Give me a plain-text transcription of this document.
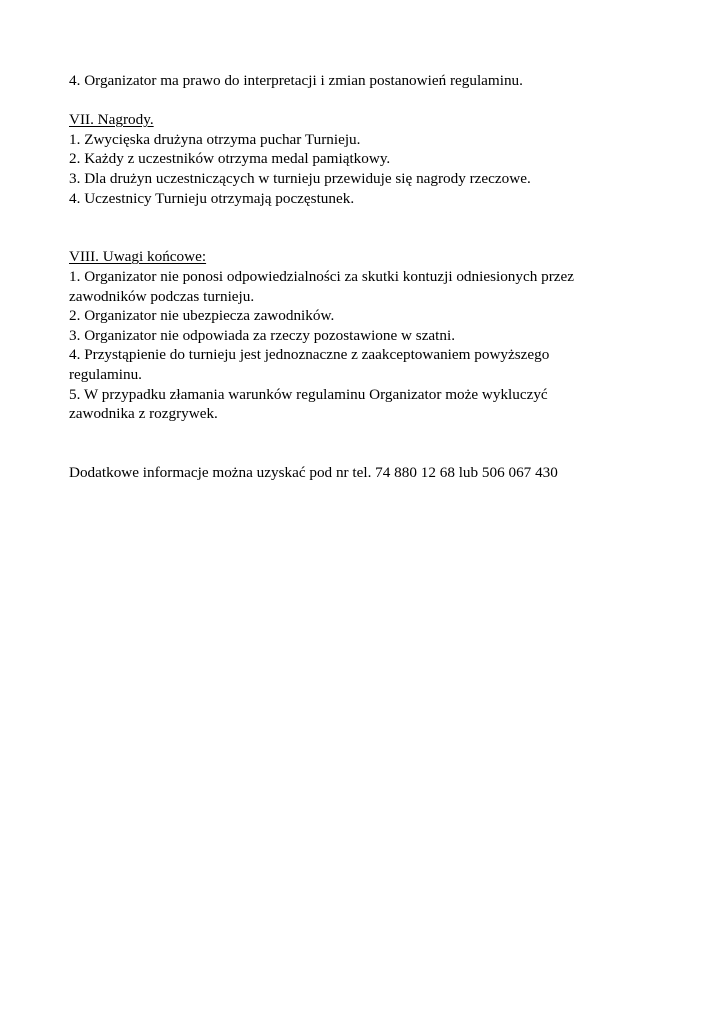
4. Organizator ma prawo do interpretacji i zmian postanowień regulaminu.
VII. Nagrody.
1. Zwycięska drużyna otrzyma puchar Turnieju.
2. Każdy z uczestników otrzyma medal pamiątkowy.
3. Dla drużyn uczestniczących w turnieju przewiduje się nagrody rzeczowe.
4. Uczestnicy Turnieju otrzymają poczęstunek.
VIII. Uwagi końcowe:
1. Organizator nie ponosi odpowiedzialności za skutki kontuzji odniesionych przez
zawodników podczas turnieju.
2. Organizator nie ubezpiecza zawodników.
3. Organizator nie odpowiada za rzeczy pozostawione w szatni.
4. Przystąpienie do turnieju jest jednoznaczne z zaakceptowaniem powyższego
regulaminu.
5. W przypadku złamania warunków regulaminu Organizator może wykluczyć
zawodnika z rozgrywek.
Dodatkowe informacje można uzyskać pod nr tel. 74 880 12 68 lub 506 067 430
